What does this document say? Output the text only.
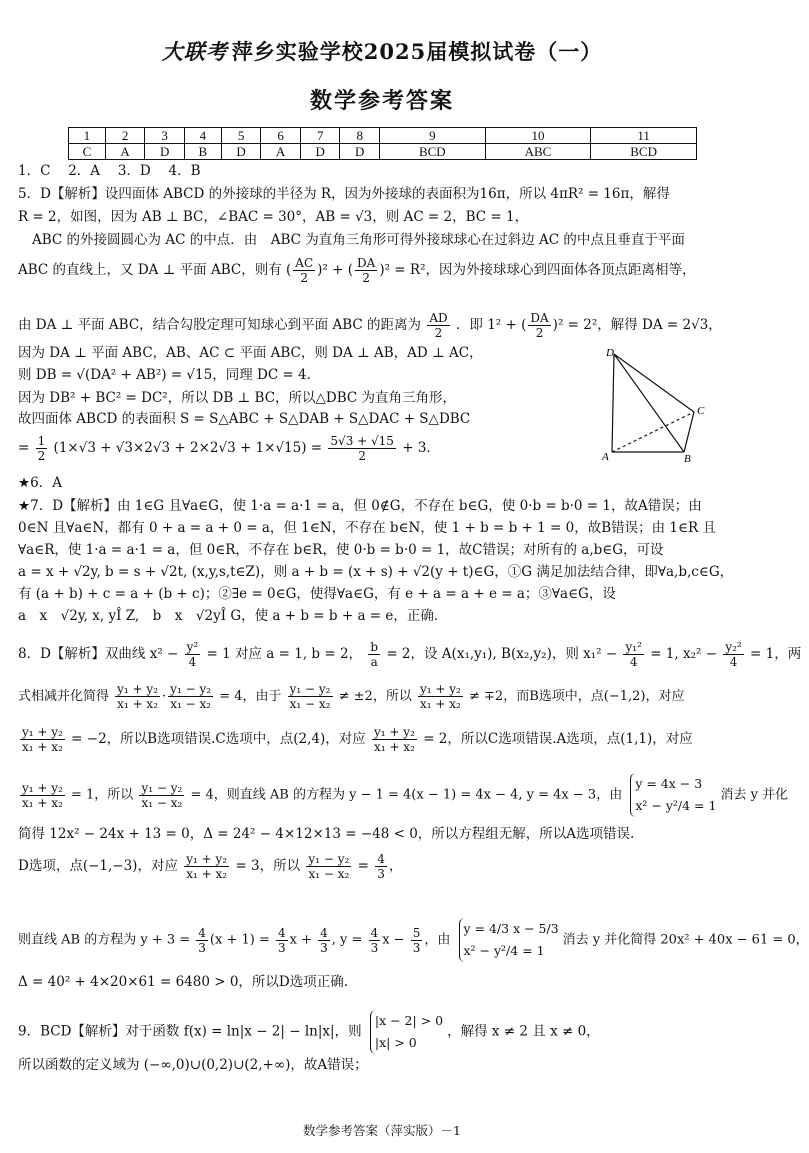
大联考 萍乡实验学校2025届模拟试卷（一）
数学参考答案
1	2	3	4	5	6	7	8	9	10	11
C	A	D	B	D	A	D	D	BCD	ABC	BCD
1．C　 2．A　 3．D　 4．B
5．D【解析】设四面体 ABCD 的外接球的半径为 R，因为外接球的表面积为16π，所以 4πR² = 16π，解得
R = 2，如图，因为 AB ⊥ BC，∠BAC = 30°，AB = √3，则 AC = 2，BC = 1，
ABC 的外接圆圆心为 AC 的中点．由　ABC 为直角三角形可得外接球球心在过斜边 AC 的中点且垂直于平面
ABC 的直线上，又 DA ⊥ 平面 ABC，则有 ( $\frac{AC}{2} )^2$ + ( $\frac{DA}{2} )^2 = R^2$，因为外接球球心到四面体各顶点距离相等，
由 DA ⊥ 平面 ABC，结合勾股定理可知球心到平面 ABC 的距离为 $\frac{AD}{2}$ ．即 1² + ( $\frac{DA}{2} )^2 = 2^2$，解得 DA = 2√3，
因为 DA ⊥ 平面 ABC，AB、AC ⊂ 平面 ABC，则 DA ⊥ AB，AD ⊥ AC，
则 DB = √(DA² + AB²) = √15，同理 DC = 4．
因为 DB² + BC² = DC²，所以 DB ⊥ BC，所以△DBC 为直角三角形，
故四面体 ABCD 的表面积 S = S△ABC + S△DAB + S△DAC + S△DBC
= $\frac{1}{2} (1\times√3 + √3\times 2√3 + 2\times 2√3 + 1\times√15) = \frac{5√3 + √15}{2} + 3$．
D
C
A	B
★6．A
★7．D【解析】由 1∈G 且∀a∈G，使 1·a = a·1 = a，但 0∉G，不存在 b∈G，使 0·b = b·0 = 1，故A错误；由
0∈N 且∀a∈N，都有 0 + a = a + 0 = a，但 1∈N，不存在 b∈N，使 1 + b = b + 1 = 0，故B错误；由 1∈R 且
∀a∈R，使 1·a = a·1 = a，但 0∈R，不存在 b∈R，使 0·b = b·0 = 1，故C错误；对所有的 a,b∈G，可设
a = x + √2y, b = s + √2t, (x,y,s,t∈Z)，则 a + b = (x + s) + √2(y + t)∈G，①G 满足加法结合律，即∀a,b,c∈G，
有 (a + b) + c = a + (b + c)；②∃e = 0∈G，使得∀a∈G，有 e + a = a + e = a；③∀a∈G，设
a　x　√2y, x, yÎ Z,　b　x　√2yÎ G，使 a + b = b + a = e，正确．
8．D【解析】双曲线 $x^2 - \frac{\text{y²}}{4} = 1$ 对应 a = 1, b = 2， $\frac{b}{a} = 2$，设 A(x₁,y₁), B(x₂,y₂)，则 $x_1^2 - \frac{\text{y₁²}}{4} = 1$, $x_2^2 - \frac{\text{y₂²}}{4} = 1$，两
式相减并化简得 $\frac{\text{y₁ + y₂}}{\text{x₁ + x₂}} \cdot \frac{\text{y₁ − y₂}}{\text{x₁ − x₂}} = 4$，由于 $\frac{\text{y₁ − y₂}}{\text{x₁ − x₂}} \ne \pm 2$，所以 $\frac{\text{y₁ + y₂}}{\text{x₁ + x₂}} \ne \mp 2$，而B选项中，点(−1,2)，对应
$\frac{\text{y₁ + y₂}}{\text{x₁ + x₂}} = -2$，所以B选项错误.C选项中，点(2,4)，对应 $\frac{\text{y₁ + y₂}}{\text{x₁ + x₂}} = 2$，所以C选项错误.A选项，点(1,1)，对应
$\frac{\text{y₁ + y₂}}{\text{x₁ + x₂}} = 1$，所以 $\frac{\text{y₁ − y₂}}{\text{x₁ − x₂}} = 4$，则直线 AB 的方程为 y − 1 = 4(x − 1) = 4x − 4, y = 4x − 3，由
y = 4x − 3
x² − y²/4 = 1
消去 y 并化
简得 12x² − 24x + 13 = 0，Δ = 24² − 4×12×13 = −48 < 0，所以方程组无解，所以A选项错误.
D选项，点(−1,−3)，对应 $\frac{\text{y₁ + y₂}}{\text{x₁ + x₂}} = 3$，所以 $\frac{\text{y₁ − y₂}}{\text{x₁ − x₂}} = \frac{4}{3}$ ，
则直线 AB 的方程为 $y + 3 = \frac{4}{3} (x + 1) = \frac{4}{3}$ $x + \frac{4}{3}$ , $y = \frac{4}{3}$ $x - \frac{5}{3}$ ，由
y = 4/3 x − 5/3
x² − y²/4 = 1
消去 y 并化简得 20x² + 40x − 61 = 0，
Δ = 40² + 4×20×61 = 6480 > 0，所以D选项正确.
9．BCD【解析】对于函数 f(x) = ln|x − 2| − ln|x|，则
|x − 2| > 0
|x| > 0
，解得 x ≠ 2 且 x ≠ 0，
所以函数的定义域为 (−∞,0)∪(0,2)∪(2,+∞)，故A错误；
数学参考答案（萍实版）－1
